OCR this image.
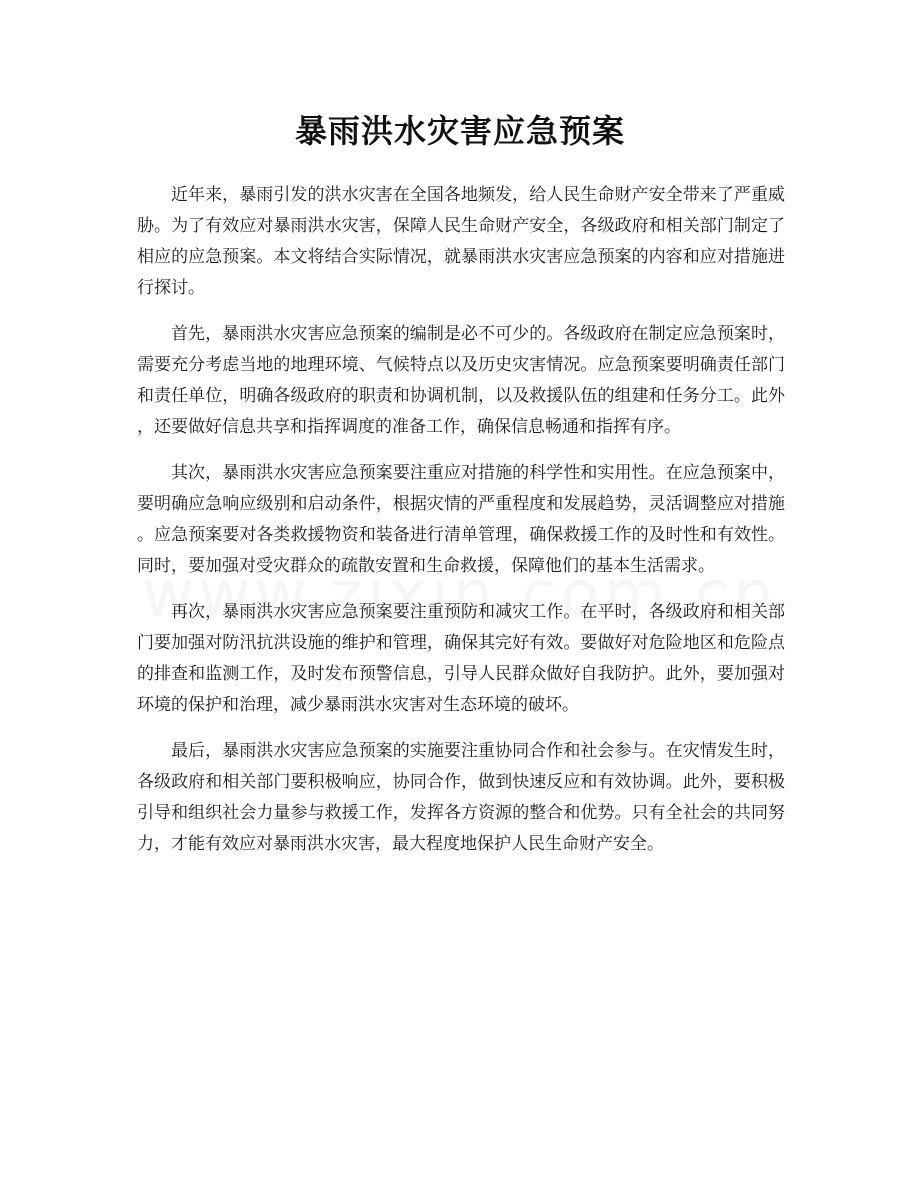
暴雨洪水灾害应急预案

近年来，暴雨引发的洪水灾害在全国各地频发，给人民生命财产安全带来了严重威胁。为了有效应对暴雨洪水灾害，保障人民生命财产安全，各级政府和相关部门制定了相应的应急预案。本文将结合实际情况，就暴雨洪水灾害应急预案的内容和应对措施进行探讨。

首先，暴雨洪水灾害应急预案的编制是必不可少的。各级政府在制定应急预案时，需要充分考虑当地的地理环境、气候特点以及历史灾害情况。应急预案要明确责任部门和责任单位，明确各级政府的职责和协调机制，以及救援队伍的组建和任务分工。此外，还要做好信息共享和指挥调度的准备工作，确保信息畅通和指挥有序。

其次，暴雨洪水灾害应急预案要注重应对措施的科学性和实用性。在应急预案中，要明确应急响应级别和启动条件，根据灾情的严重程度和发展趋势，灵活调整应对措施。应急预案要对各类救援物资和装备进行清单管理，确保救援工作的及时性和有效性。同时，要加强对受灾群众的疏散安置和生命救援，保障他们的基本生活需求。

再次，暴雨洪水灾害应急预案要注重预防和减灾工作。在平时，各级政府和相关部门要加强对防汛抗洪设施的维护和管理，确保其完好有效。要做好对危险地区和危险点的排查和监测工作，及时发布预警信息，引导人民群众做好自我防护。此外，要加强对环境的保护和治理，减少暴雨洪水灾害对生态环境的破坏。

最后，暴雨洪水灾害应急预案的实施要注重协同合作和社会参与。在灾情发生时，各级政府和相关部门要积极响应，协同合作，做到快速反应和有效协调。此外，要积极引导和组织社会力量参与救援工作，发挥各方资源的整合和优势。只有全社会的共同努力，才能有效应对暴雨洪水灾害，最大程度地保护人民生命财产安全。
